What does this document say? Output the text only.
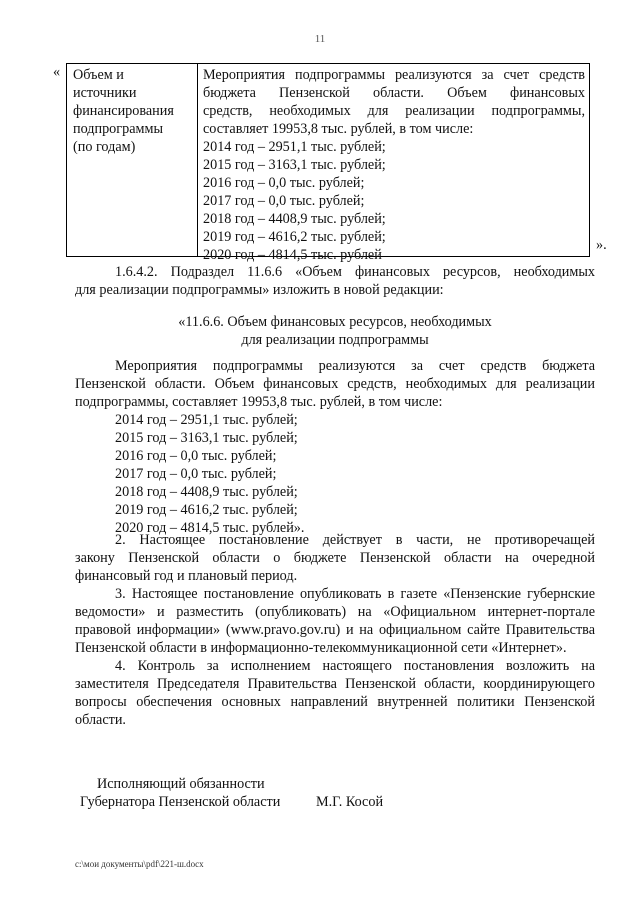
11
« Объем и
источники
финансирования
подпрограммы
(по годам)
Мероприятия подпрограммы реализуются за счет средств
бюджета Пензенской области. Объем финансовых
средств, необходимых для реализации подпрограммы,
составляет 19953,8 тыс. рублей, в том числе:
2014 год – 2951,1 тыс. рублей;
2015 год – 3163,1 тыс. рублей;
2016 год – 0,0 тыс. рублей;
2017 год – 0,0 тыс. рублей;
2018 год – 4408,9 тыс. рублей;
2019 год – 4616,2 тыс. рублей;
2020 год – 4814,5 тыс. рублей
».
1.6.4.2. Подраздел 11.6.6 «Объем финансовых ресурсов, необходимых
для реализации подпрограммы» изложить в новой редакции:
«11.6.6. Объем финансовых ресурсов, необходимых
для реализации подпрограммы
Мероприятия подпрограммы реализуются за счет средств бюджета
Пензенской области. Объем финансовых средств, необходимых для реализации
подпрограммы, составляет 19953,8 тыс. рублей, в том числе:
2014 год – 2951,1 тыс. рублей;
2015 год – 3163,1 тыс. рублей;
2016 год – 0,0 тыс. рублей;
2017 год – 0,0 тыс. рублей;
2018 год – 4408,9 тыс. рублей;
2019 год – 4616,2 тыс. рублей;
2020 год – 4814,5 тыс. рублей».
2. Настоящее постановление действует в части, не противоречащей
закону Пензенской области о бюджете Пензенской области на очередной
финансовый год и плановый период.
3. Настоящее постановление опубликовать в газете «Пензенские губернские
ведомости» и разместить (опубликовать) на «Официальном интернет-портале
правовой информации» (www.pravo.gov.ru) и на официальном сайте Правительства
Пензенской области в информационно-телекоммуникационной сети «Интернет».
4. Контроль за исполнением настоящего постановления возложить на
заместителя Председателя Правительства Пензенской области, координирующего
вопросы обеспечения основных направлений внутренней политики Пензенской
области.
Исполняющий обязанности
Губернатора Пензенской области	М.Г. Косой
c:\мои документы\pdf\221-ш.docx
